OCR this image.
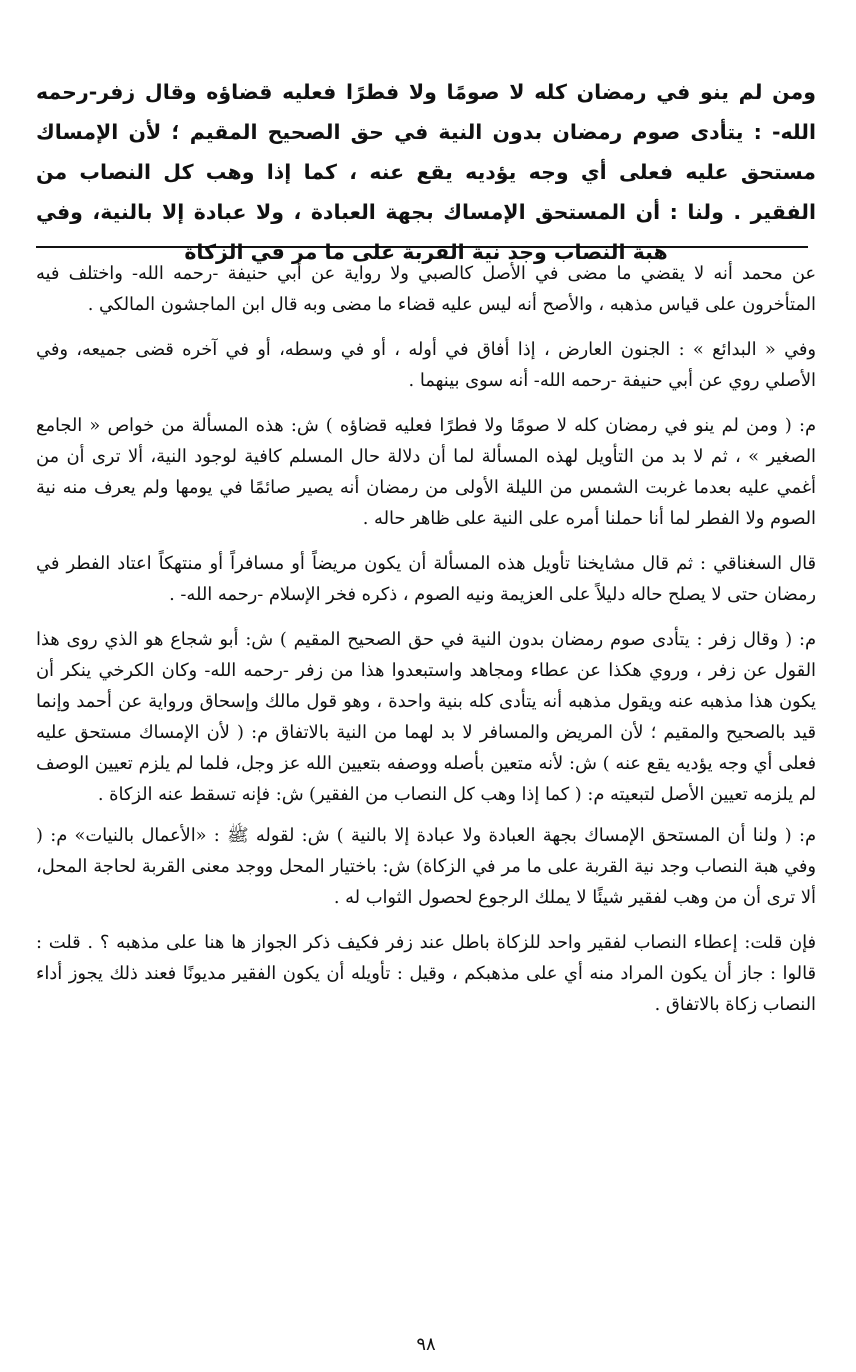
ومن لم ينو في رمضان كله لا صومًا ولا فطرًا فعليه قضاؤه وقال زفر-رحمه الله- : يتأدى صوم رمضان بدون النية في حق الصحيح المقيم ؛ لأن الإمساك مستحق عليه فعلى أي وجه يؤديه يقع عنه ، كما إذا وهب كل النصاب من الفقير . ولنا : أن المستحق الإمساك بجهة العبادة ، ولا عبادة إلا بالنية، وفي هبة النصاب وجد نية القربة على ما مر في الزكاة

عن محمد أنه لا يقضي ما مضى في الأصل كالصبي ولا رواية عن أبي حنيفة -رحمه الله- واختلف فيه المتأخرون على قياس مذهبه ، والأصح أنه ليس عليه قضاء ما مضى وبه قال ابن الماجشون المالكي .

وفي « البدائع » : الجنون العارض ، إذا أفاق في أوله ، أو في وسطه، أو في آخره قضى جميعه، وفي الأصلي روي عن أبي حنيفة -رحمه الله- أنه سوى بينهما .

م: ( ومن لم ينو في رمضان كله لا صومًا ولا فطرًا فعليه قضاؤه ) ش: هذه المسألة من خواص « الجامع الصغير » ، ثم لا بد من التأويل لهذه المسألة لما أن دلالة حال المسلم كافية لوجود النية، ألا ترى أن من أغمي عليه بعدما غربت الشمس من الليلة الأولى من رمضان أنه يصير صائمًا في يومها ولم يعرف منه نية الصوم ولا الفطر لما أنا حملنا أمره على النية على ظاهر حاله .

قال السغناقي : ثم قال مشايخنا تأويل هذه المسألة أن يكون مريضاً أو مسافراً أو منتهكاً اعتاد الفطر في رمضان حتى لا يصلح حاله دليلاً على العزيمة ونيه الصوم ، ذكره فخر الإسلام -رحمه الله- .

م: ( وقال زفر : يتأدى صوم رمضان بدون النية في حق الصحيح المقيم ) ش: أبو شجاع هو الذي روى هذا القول عن زفر ، وروي هكذا عن عطاء ومجاهد واستبعدوا هذا من زفر -رحمه الله- وكان الكرخي ينكر أن يكون هذا مذهبه عنه ويقول مذهبه أنه يتأدى كله بنية واحدة ، وهو قول مالك وإسحاق ورواية عن أحمد وإنما قيد بالصحيح والمقيم ؛ لأن المريض والمسافر لا بد لهما من النية بالاتفاق م: ( لأن الإمساك مستحق عليه فعلى أي وجه يؤديه يقع عنه ) ش: لأنه متعين بأصله ووصفه بتعيين الله عز وجل، فلما لم يلزم تعيين الوصف لم يلزمه تعيين الأصل لتبعيته م: ( كما إذا وهب كل النصاب من الفقير) ش: فإنه تسقط عنه الزكاة .

م: ( ولنا أن المستحق الإمساك بجهة العبادة ولا عبادة إلا بالنية ) ش: لقوله ﷺ : «الأعمال بالنيات» م: ( وفي هبة النصاب وجد نية القربة على ما مر في الزكاة) ش: باختيار المحل ووجد معنى القربة لحاجة المحل، ألا ترى أن من وهب لفقير شيئًا لا يملك الرجوع لحصول الثواب له .

فإن قلت: إعطاء النصاب لفقير واحد للزكاة باطل عند زفر فكيف ذكر الجواز ها هنا على مذهبه ؟ . قلت : قالوا : جاز أن يكون المراد منه أي على مذهبكم ، وقيل : تأويله أن يكون الفقير مديونًا فعند ذلك يجوز أداء النصاب زكاة بالاتفاق .

٩٨
